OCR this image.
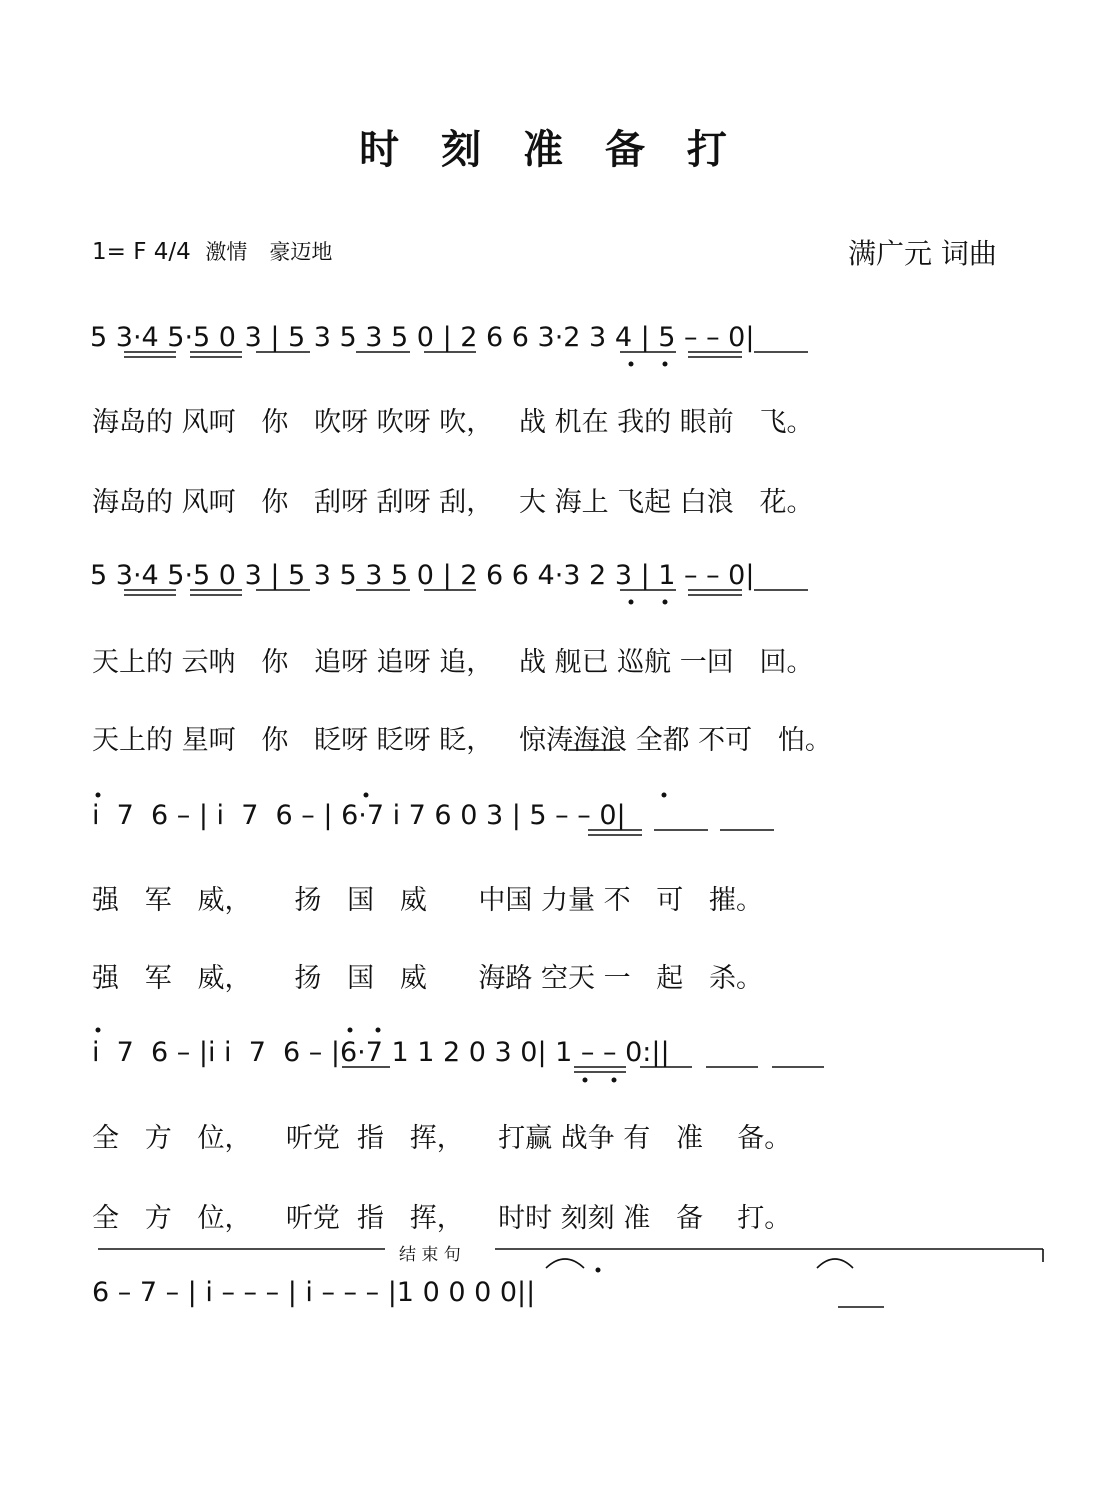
时 刻 准 备 打
1= F 4/4 激情 豪迈地	满广元 词曲
5 3·4 5·5 0 3 | 5 3 5 3 5 0 | 2 6 6 3·2 3 4 | 5 – – 0|
海岛的 风呵   你   吹呀 吹呀 吹，   战 机在 我的 眼前   飞。
海岛的 风呵   你   刮呀 刮呀 刮，   大 海上 飞起 白浪   花。
5 3·4 5·5 0 3 | 5 3 5 3 5 0 | 2 6 6 4·3 2 3 | 1 – – 0|
天上的 云呐   你   追呀 追呀 追，   战 舰已 巡航 一回   回。
天上的 星呵   你   眨呀 眨呀 眨，   惊涛海浪 全都 不可   怕。
i  7  6 – | i  7  6 – | 6·7 i 7 6 0 3 | 5 – – 0|
强   军   威，     扬   国   威      中国 力量 不   可   摧。
强   军   威，     扬   国   威      海路 空天 一   起   杀。
i  7  6 – |i i  7  6 – |6·7 1 1 2 0 3 0| 1 – – 0:||
全   方   位，    听党  指   挥，    打赢 战争 有   准    备。
全   方   位，    听党  指   挥，    时时 刻刻 准   备    打。
结 束 句
6 – 7 – | i – – – | i – – – |1 0 0 0 0||
